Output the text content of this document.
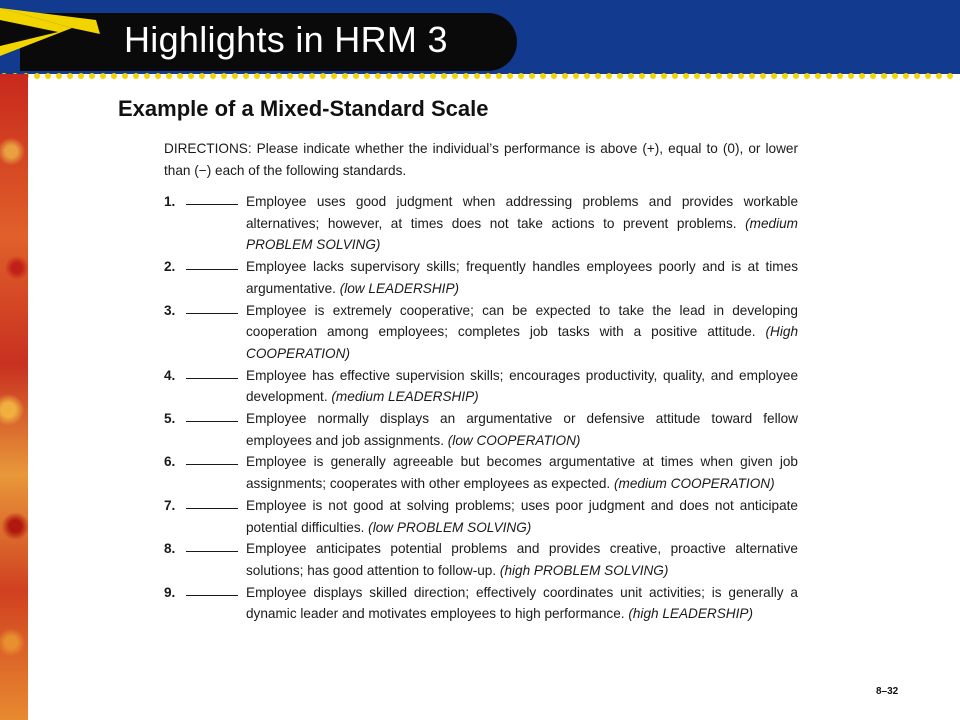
Highlights in HRM 3
Example of a Mixed-Standard Scale
DIRECTIONS: Please indicate whether the individual’s performance is above (+), equal to (0), or lower than (−) each of the following standards.
1.	Employee uses good judgment when addressing problems and provides workable alternatives; however, at times does not take actions to prevent problems. (medium PROBLEM SOLVING)
2.	Employee lacks supervisory skills; frequently handles employees poorly and is at times argumentative. (low LEADERSHIP)
3.	Employee is extremely cooperative; can be expected to take the lead in developing cooperation among employees; completes job tasks with a positive attitude. (High COOPERATION)
4.	Employee has effective supervision skills; encourages productivity, quality, and employee development. (medium LEADERSHIP)
5.	Employee normally displays an argumentative or defensive attitude toward fellow employees and job assignments. (low COOPERATION)
6.	Employee is generally agreeable but becomes argumentative at times when given job assignments; cooperates with other employees as expected. (medium COOPERATION)
7.	Employee is not good at solving problems; uses poor judgment and does not anticipate potential difficulties. (low PROBLEM SOLVING)
8.	Employee anticipates potential problems and provides creative, proactive alternative solutions; has good attention to follow-up. (high PROBLEM SOLVING)
9.	Employee displays skilled direction; effectively coordinates unit activities; is generally a dynamic leader and motivates employees to high performance. (high LEADERSHIP)
8–32
